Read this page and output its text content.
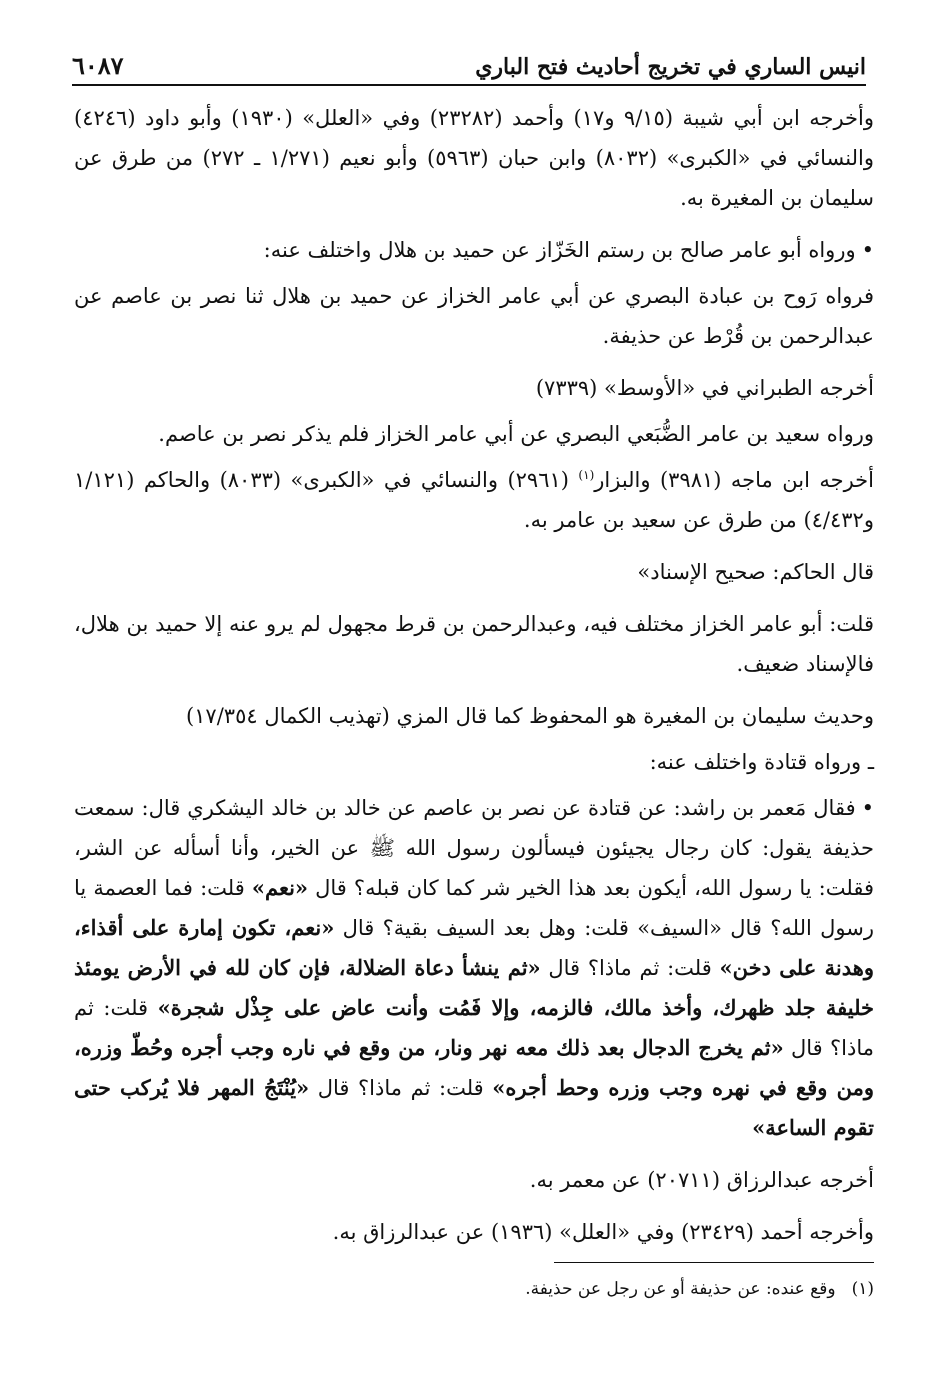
انيس الساري في تخريج أحاديث فتح الباري
٦٠٨٧

وأخرجه ابن أبي شيبة (٩/١٥ و١٧) وأحمد (٢٣٢٨٢) وفي «العلل» (١٩٣٠) وأبو داود (٤٢٤٦) والنسائي في «الكبرى» (٨٠٣٢) وابن حبان (٥٩٦٣) وأبو نعيم (١/٢٧١ ـ ٢٧٢) من طرق عن سليمان بن المغيرة به.

•ورواه أبو عامر صالح بن رستم الخَزّاز عن حميد بن هلال واختلف عنه:

فرواه رَوح بن عبادة البصري عن أبي عامر الخزاز عن حميد بن هلال ثنا نصر بن عاصم عن عبدالرحمن بن قُرْط عن حذيفة.

أخرجه الطبراني في «الأوسط» (٧٣٣٩)

ورواه سعيد بن عامر الضُّبَعي البصري عن أبي عامر الخزاز فلم يذكر نصر بن عاصم.

أخرجه ابن ماجه (٣٩٨١) والبزار$^{(١)}$ (٢٩٦١) والنسائي في «الكبرى» (٨٠٣٣) والحاكم (١/١٢١ و٤/٤٣٢) من طرق عن سعيد بن عامر به.

قال الحاكم: صحيح الإسناد»

قلت: أبو عامر الخزاز مختلف فيه، وعبدالرحمن بن قرط مجهول لم يرو عنه إلا حميد بن هلال، فالإسناد ضعيف.

وحديث سليمان بن المغيرة هو المحفوظ كما قال المزي (تهذيب الكمال ١٧/٣٥٤)

ـ ورواه قتادة واختلف عنه:

•فقال مَعمر بن راشد: عن قتادة عن نصر بن عاصم عن خالد بن خالد اليشكري قال: سمعت حذيفة يقول: كان رجال يجيئون فيسألون رسول الله ﷺ عن الخير، وأنا أسأله عن الشر، فقلت: يا رسول الله، أيكون بعد هذا الخير شر كما كان قبله؟ قال «نعم» قلت: فما العصمة يا رسول الله؟ قال «السيف» قلت: وهل بعد السيف بقية؟ قال «نعم، تكون إمارة على أقذاء، وهدنة على دخن» قلت: ثم ماذا؟ قال «ثم ينشأ دعاة الضلالة، فإن كان لله في الأرض يومئذ خليفة جلد ظهرك، وأخذ مالك، فالزمه، وإلا فَمُت وأنت عاض على جِذْل شجرة» قلت: ثم ماذا؟ قال «ثم يخرج الدجال بعد ذلك معه نهر ونار، من وقع في ناره وجب أجره وحُطّ وزره، ومن وقع في نهره وجب وزره وحط أجره» قلت: ثم ماذا؟ قال «يُنْتَجُ المهر فلا يُركب حتى تقوم الساعة»

أخرجه عبدالرزاق (٢٠٧١١) عن معمر به.

وأخرجه أحمد (٢٣٤٢٩) وفي «العلل» (١٩٣٦) عن عبدالرزاق به.

(١)وقع عنده: عن حذيفة أو عن رجل عن حذيفة.
